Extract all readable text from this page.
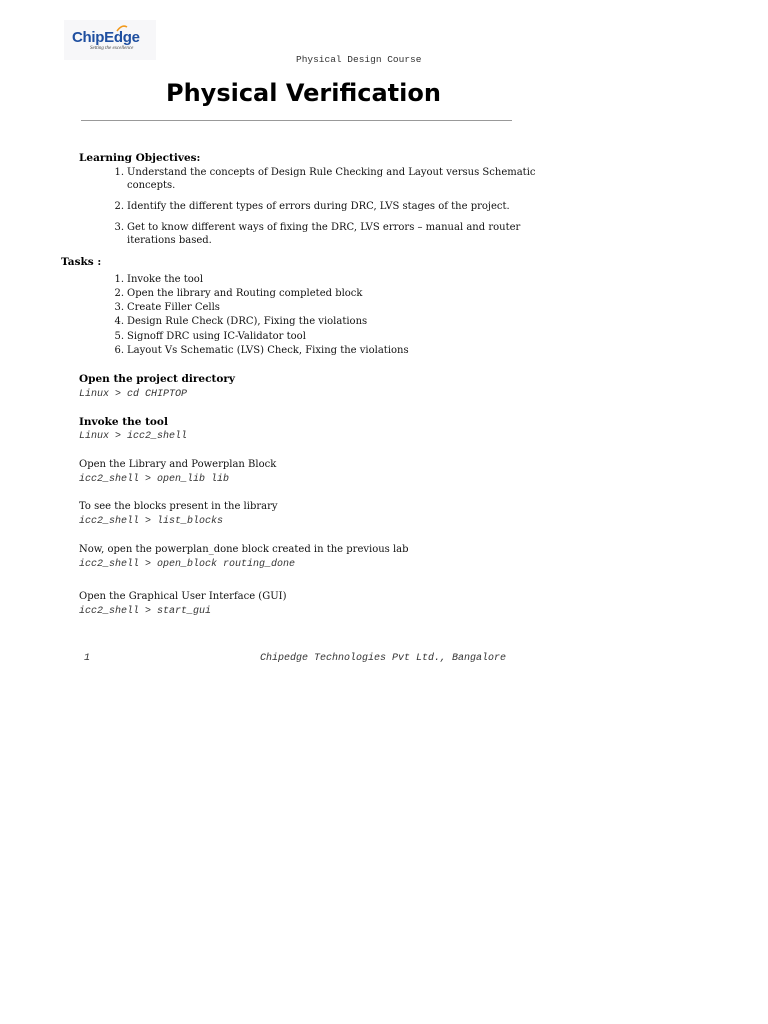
ChipEdge
Setting the excellence
Physical Design Course
Physical Verification
Learning Objectives:
1. Understand the concepts of Design Rule Checking and Layout versus Schematic
concepts.
2. Identify the different types of errors during DRC, LVS stages of the project.
3. Get to know different ways of fixing the DRC, LVS errors – manual and router
iterations based.
Tasks :
1. Invoke the tool
2. Open the library and Routing completed block
3. Create Filler Cells
4. Design Rule Check (DRC), Fixing the violations
5. Signoff DRC using IC-Validator tool
6. Layout Vs Schematic (LVS) Check, Fixing the violations
Open the project directory
Linux > cd CHIPTOP
Invoke the tool
Linux > icc2_shell
Open the Library and Powerplan Block
icc2_shell > open_lib lib
To see the blocks present in the library
icc2_shell > list_blocks
Now, open the powerplan_done block created in the previous lab
icc2_shell > open_block routing_done
Open the Graphical User Interface (GUI)
icc2_shell > start_gui
1	Chipedge Technologies Pvt Ltd., Bangalore
